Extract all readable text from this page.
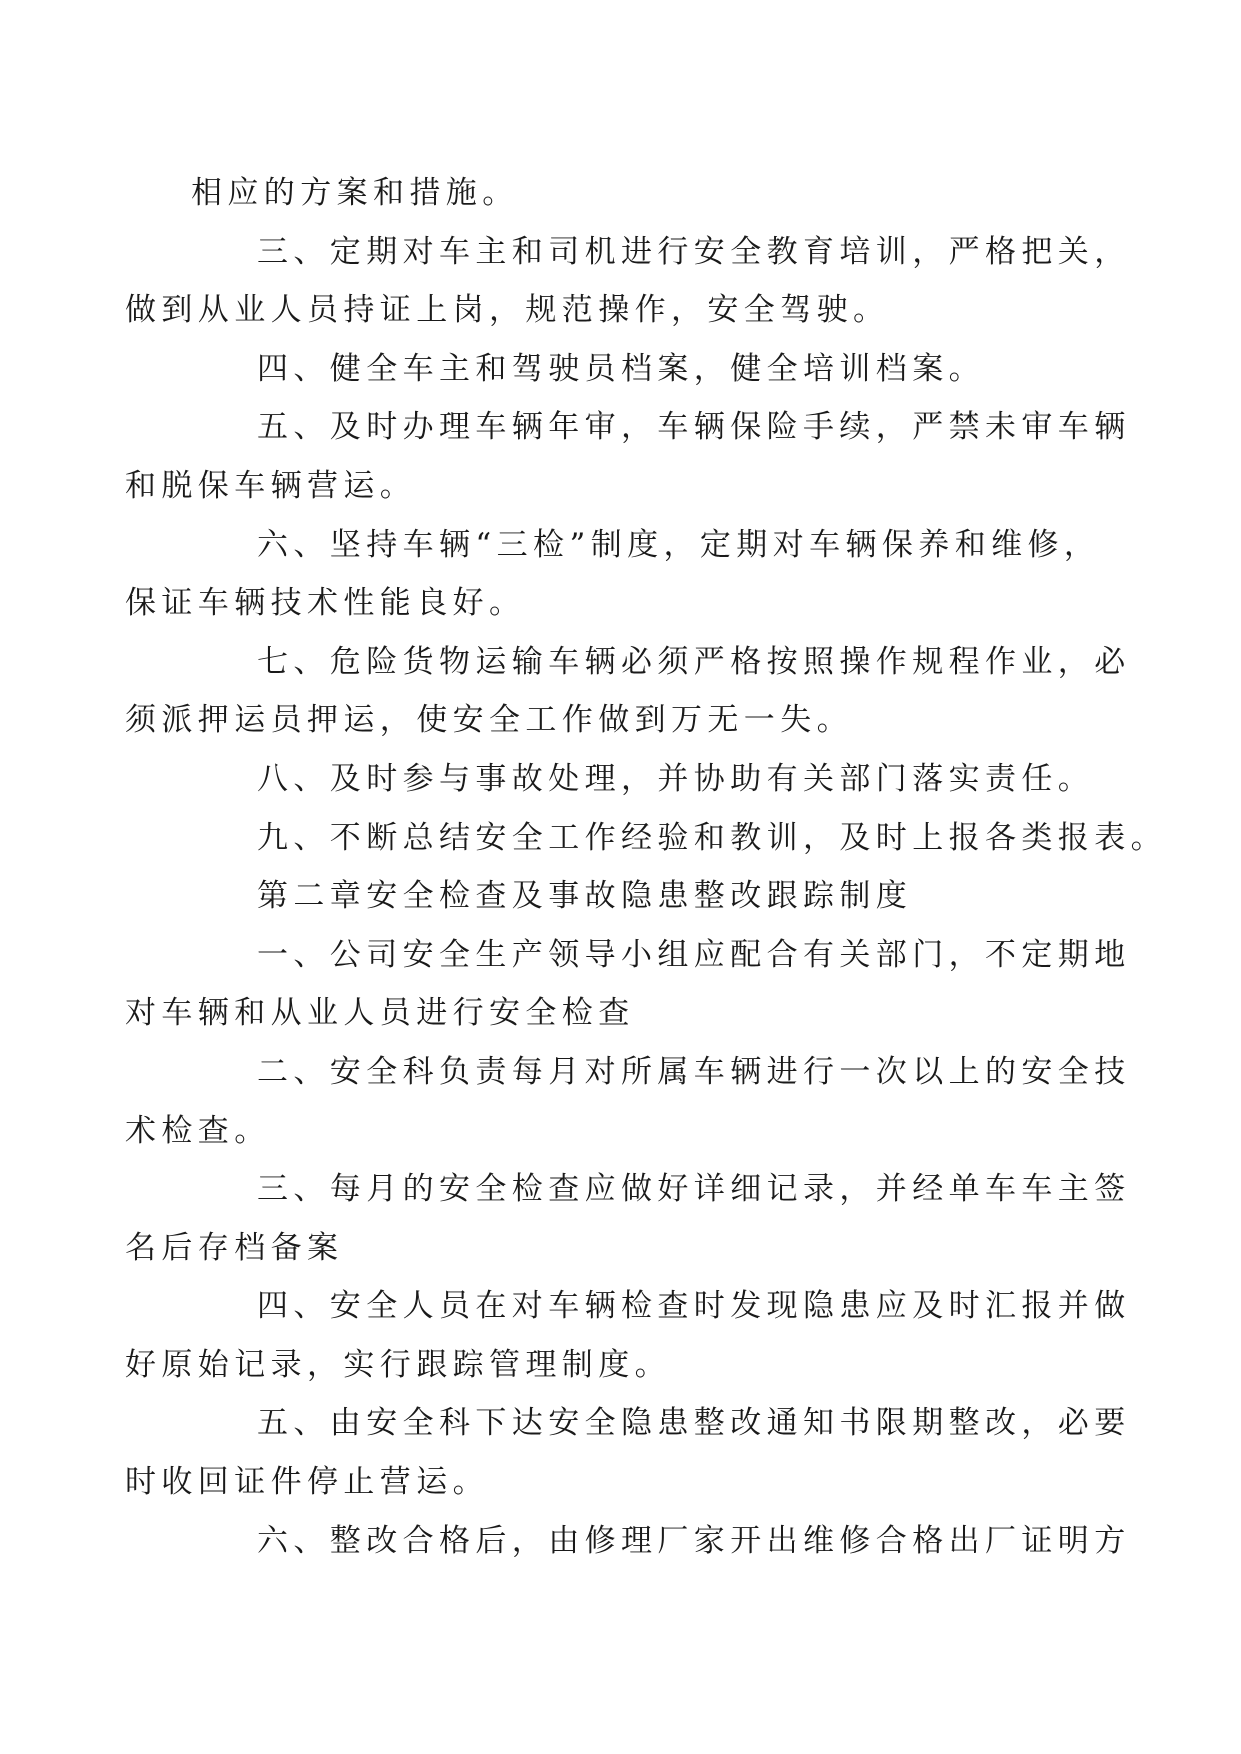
相应的方案和措施。

三、定期对车主和司机进行安全教育培训，严格把关，
做到从业人员持证上岗，规范操作，安全驾驶。

四、健全车主和驾驶员档案，健全培训档案。

五、及时办理车辆年审，车辆保险手续，严禁未审车辆
和脱保车辆营运。

六、坚持车辆“三检”制度，定期对车辆保养和维修，
保证车辆技术性能良好。

七、危险货物运输车辆必须严格按照操作规程作业，必
须派押运员押运，使安全工作做到万无一失。

八、及时参与事故处理，并协助有关部门落实责任。

九、不断总结安全工作经验和教训，及时上报各类报表。

第二章安全检查及事故隐患整改跟踪制度

一、公司安全生产领导小组应配合有关部门，不定期地
对车辆和从业人员进行安全检查

二、安全科负责每月对所属车辆进行一次以上的安全技
术检查。

三、每月的安全检查应做好详细记录，并经单车车主签
名后存档备案

四、安全人员在对车辆检查时发现隐患应及时汇报并做
好原始记录，实行跟踪管理制度。

五、由安全科下达安全隐患整改通知书限期整改，必要
时收回证件停止营运。

六、整改合格后，由修理厂家开出维修合格出厂证明方
